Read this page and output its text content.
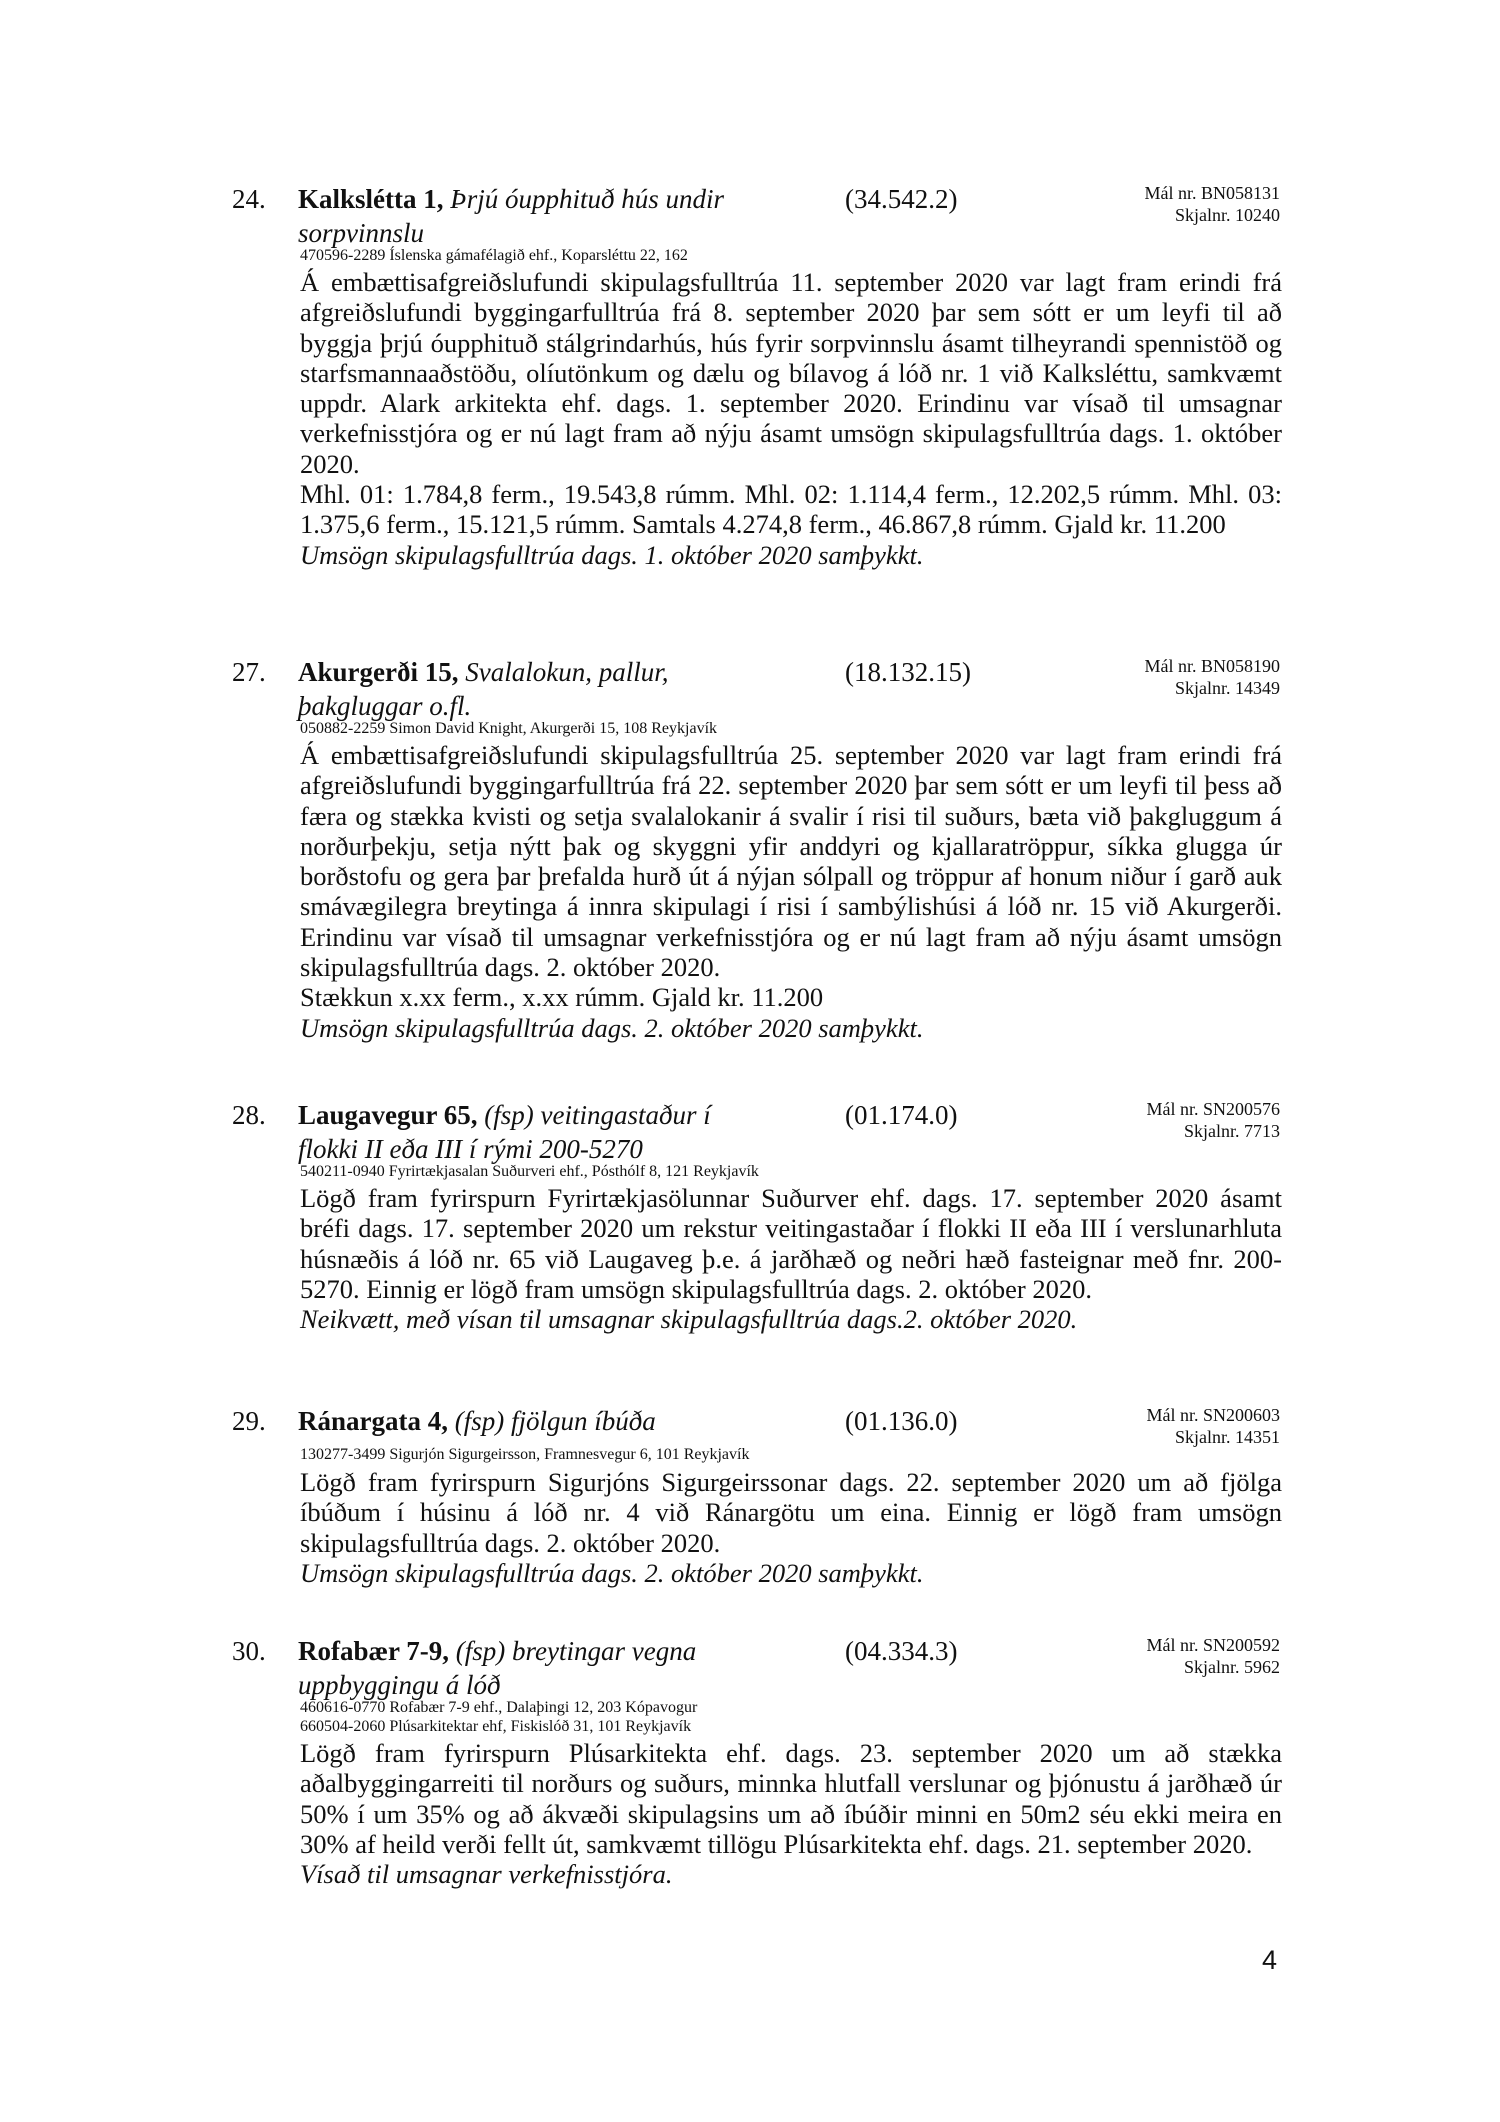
24. Kalkslétta 1, Þrjú óupphituð hús undir sorpvinnslu
(34.542.2)	Mál nr. BN058131
Skjalnr. 10240
470596-2289 Íslenska gámafélagið ehf., Koparsléttu 22, 162

Á embættisafgreiðslufundi skipulagsfulltrúa 11. september 2020 var lagt fram erindi frá afgreiðslufundi byggingarfulltrúa frá 8. september 2020 þar sem sótt er um leyfi til að byggja þrjú óupphituð stálgrindarhús, hús fyrir sorpvinnslu ásamt tilheyrandi spennistöð og starfsmannaaðstöðu, olíutönkum og dælu og bílavog á lóð nr. 1 við Kalksléttu, samkvæmt uppdr. Alark arkitekta ehf. dags. 1. september 2020. Erindinu var vísað til umsagnar verkefnisstjóra og er nú lagt fram að nýju ásamt umsögn skipulagsfulltrúa dags. 1. október 2020.

Mhl. 01: 1.784,8 ferm., 19.543,8 rúmm. Mhl. 02: 1.114,4 ferm., 12.202,5 rúmm. Mhl. 03: 1.375,6 ferm., 15.121,5 rúmm. Samtals 4.274,8 ferm., 46.867,8 rúmm. Gjald kr. 11.200

Umsögn skipulagsfulltrúa dags. 1. október 2020 samþykkt.

27. Akurgerði 15, Svalalokun, pallur, þakgluggar o.fl.
(18.132.15)	Mál nr. BN058190
Skjalnr. 14349
050882-2259 Simon David Knight, Akurgerði 15, 108 Reykjavík

Á embættisafgreiðslufundi skipulagsfulltrúa 25. september 2020 var lagt fram erindi frá afgreiðslufundi byggingarfulltrúa frá 22. september 2020 þar sem sótt er um leyfi til þess að færa og stækka kvisti og setja svalalokanir á svalir í risi til suðurs, bæta við þakgluggum á norðurþekju, setja nýtt þak og skyggni yfir anddyri og kjallaratröppur, síkka glugga úr borðstofu og gera þar þrefalda hurð út á nýjan sólpall og tröppur af honum niður í garð auk smávægilegra breytinga á innra skipulagi í risi í sambýlishúsi á lóð nr. 15 við Akurgerði. Erindinu var vísað til umsagnar verkefnisstjóra og er nú lagt fram að nýju ásamt umsögn skipulagsfulltrúa dags. 2. október 2020.

Stækkun x.xx ferm., x.xx rúmm. Gjald kr. 11.200

Umsögn skipulagsfulltrúa dags. 2. október 2020 samþykkt.

28. Laugavegur 65, (fsp) veitingastaður í flokki II eða III í rými 200-5270
(01.174.0)	Mál nr. SN200576
Skjalnr. 7713
540211-0940 Fyrirtækjasalan Suðurveri ehf., Pósthólf 8, 121 Reykjavík

Lögð fram fyrirspurn Fyrirtækjasölunnar Suðurver ehf. dags. 17. september 2020 ásamt bréfi dags. 17. september 2020 um rekstur veitingastaðar í flokki II eða III í verslunarhluta húsnæðis á lóð nr. 65 við Laugaveg þ.e. á jarðhæð og neðri hæð fasteignar með fnr. 200-5270. Einnig er lögð fram umsögn skipulagsfulltrúa dags. 2. október 2020.

Neikvætt, með vísan til umsagnar skipulagsfulltrúa dags.2. október 2020.

29. Ránargata 4, (fsp) fjölgun íbúða	(01.136.0)	Mál nr. SN200603
Skjalnr. 14351
130277-3499 Sigurjón Sigurgeirsson, Framnesvegur 6, 101 Reykjavík

Lögð fram fyrirspurn Sigurjóns Sigurgeirssonar dags. 22. september 2020 um að fjölga íbúðum í húsinu á lóð nr. 4 við Ránargötu um eina. Einnig er lögð fram umsögn skipulagsfulltrúa dags. 2. október 2020.

Umsögn skipulagsfulltrúa dags. 2. október 2020 samþykkt.

30. Rofabær 7-9, (fsp) breytingar vegna uppbyggingu á lóð
(04.334.3)	Mál nr. SN200592
Skjalnr. 5962
460616-0770 Rofabær 7-9 ehf., Dalaþingi 12, 203 Kópavogur
660504-2060 Plúsarkitektar ehf, Fiskislóð 31, 101 Reykjavík

Lögð fram fyrirspurn Plúsarkitekta ehf. dags. 23. september 2020 um að stækka aðalbyggingarreiti til norðurs og suðurs, minnka hlutfall verslunar og þjónustu á jarðhæð úr 50% í um 35% og að ákvæði skipulagsins um að íbúðir minni en 50m2 séu ekki meira en 30% af heild verði fellt út, samkvæmt tillögu Plúsarkitekta ehf. dags. 21. september 2020.

Vísað til umsagnar verkefnisstjóra.

4
